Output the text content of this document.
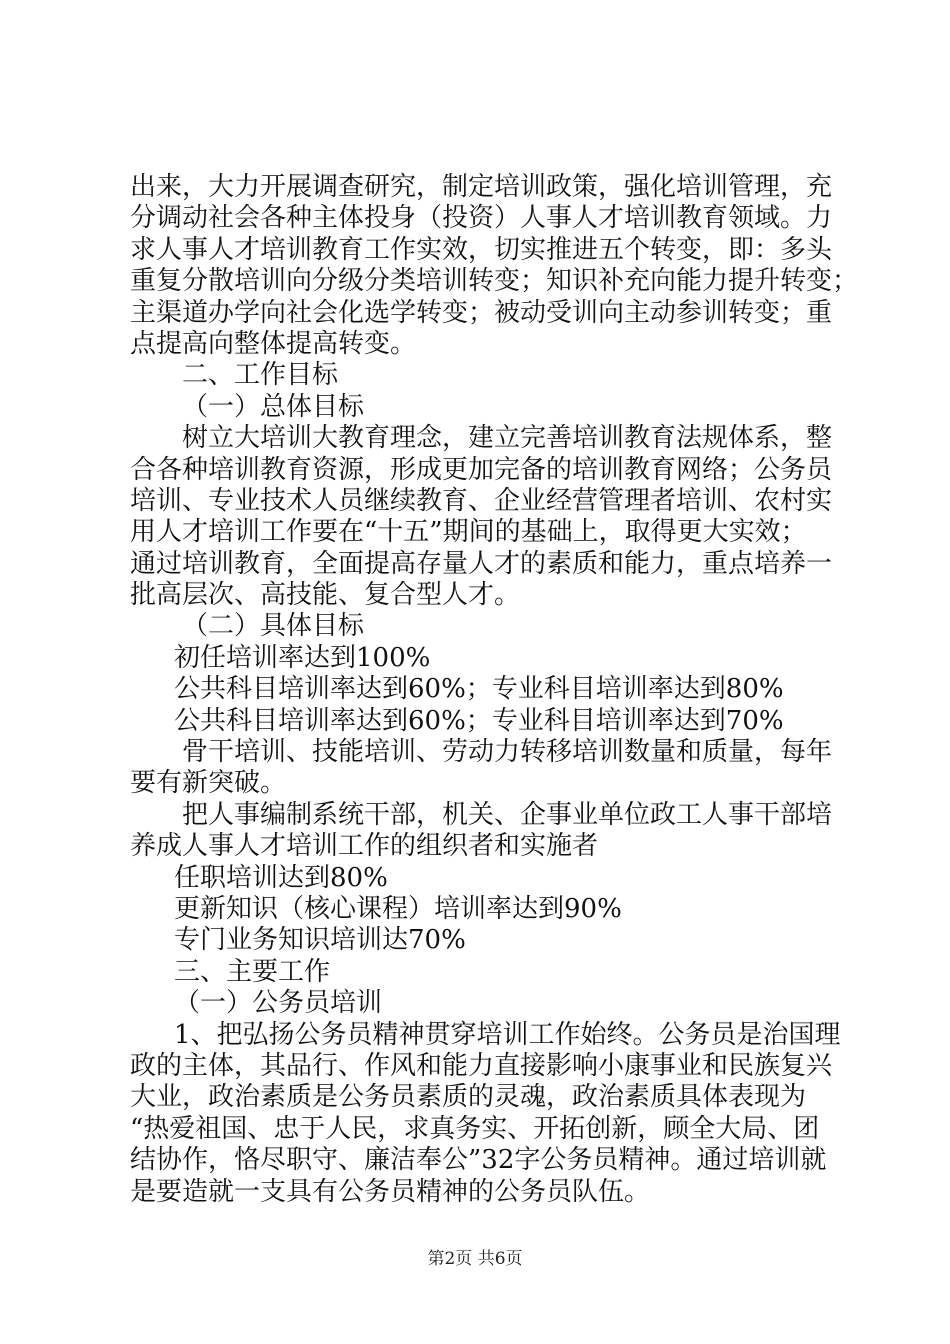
出来，大力开展调查研究，制定培训政策，强化培训管理，充
分调动社会各种主体投身（投资）人事人才培训教育领域。力
求人事人才培训教育工作实效，切实推进五个转变，即：多头
重复分散培训向分级分类培训转变；知识补充向能力提升转变；
主渠道办学向社会化选学转变；被动受训向主动参训转变；重
点提高向整体提高转变。
二、工作目标
（一）总体目标
树立大培训大教育理念，建立完善培训教育法规体系，整
合各种培训教育资源，形成更加完备的培训教育网络；公务员
培训、专业技术人员继续教育、企业经营管理者培训、农村实
用人才培训工作要在“十五”期间的基础上，取得更大实效；
通过培训教育，全面提高存量人才的素质和能力，重点培养一
批高层次、高技能、复合型人才。
（二）具体目标
初任培训率达到100%
公共科目培训率达到60%；专业科目培训率达到80%
公共科目培训率达到60%；专业科目培训率达到70%
骨干培训、技能培训、劳动力转移培训数量和质量，每年
要有新突破。
把人事编制系统干部，机关、企事业单位政工人事干部培
养成人事人才培训工作的组织者和实施者
任职培训达到80%
更新知识（核心课程）培训率达到90%
专门业务知识培训达70%
三、主要工作
（一）公务员培训
1、把弘扬公务员精神贯穿培训工作始终。公务员是治国理
政的主体，其品行、作风和能力直接影响小康事业和民族复兴
大业，政治素质是公务员素质的灵魂，政治素质具体表现为
“热爱祖国、忠于人民，求真务实、开拓创新，顾全大局、团
结协作，恪尽职守、廉洁奉公”32字公务员精神。通过培训就
是要造就一支具有公务员精神的公务员队伍。
第2页 共6页
